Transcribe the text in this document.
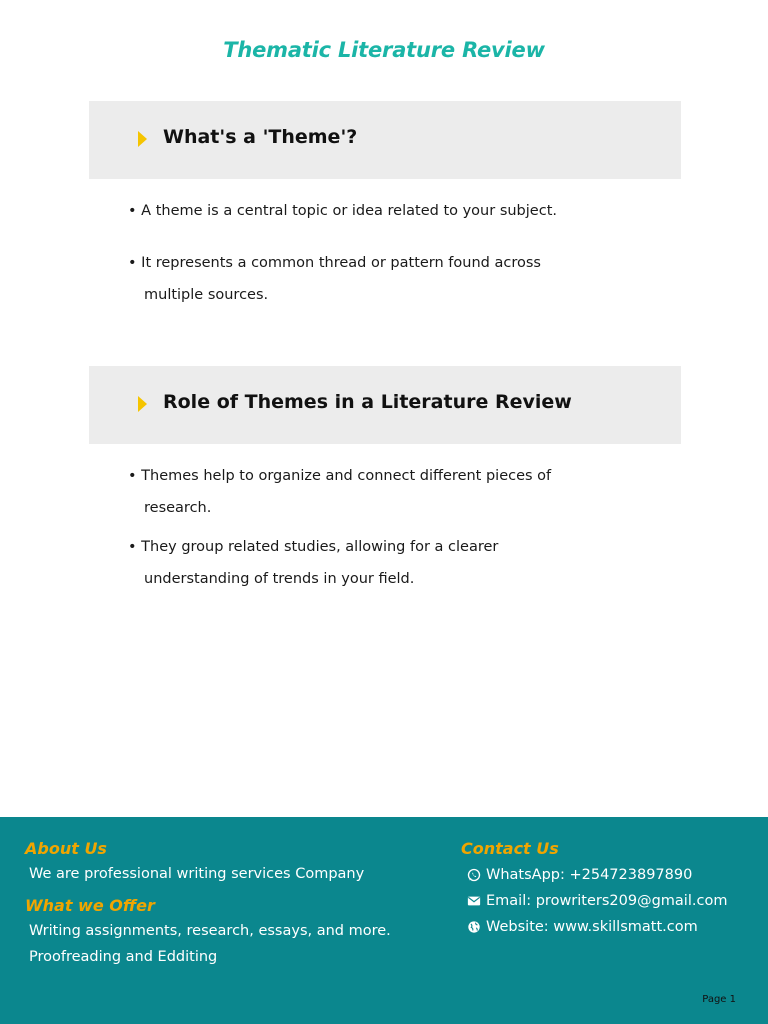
Thematic Literature Review
What's a 'Theme'?
• A theme is a central topic or idea related to your subject.
• It represents a common thread or pattern found across
multiple sources.
Role of Themes in a Literature Review
• Themes help to organize and connect different pieces of
research.
• They group related studies, allowing for a clearer
understanding of trends in your field.
About Us
We are professional writing services Company
What we Offer
Writing assignments, research, essays, and more.
Proofreading and Edditing
Contact Us
WhatsApp: +254723897890
Email: prowriters209@gmail.com
Website: www.skillsmatt.com
Page 1
